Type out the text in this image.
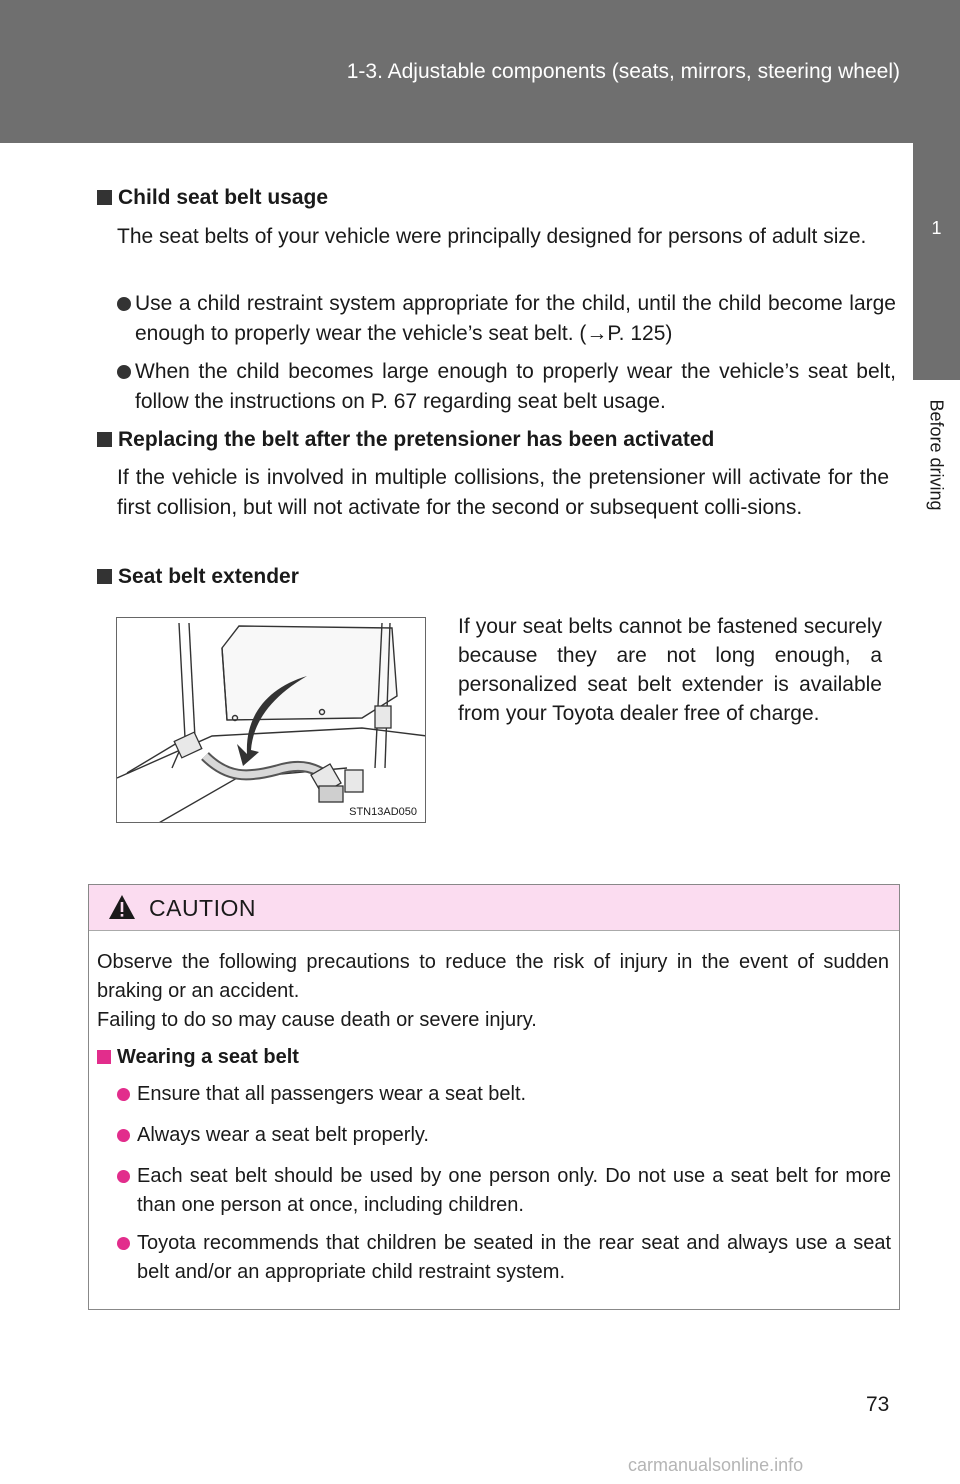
1-3. Adjustable components (seats, mirrors, steering wheel)
1
Before driving
Child seat belt usage
The seat belts of your vehicle were principally designed for persons of adult size.
Use a child restraint system appropriate for the child, until the child become large enough to properly wear the vehicle’s seat belt. (→P. 125)
When the child becomes large enough to properly wear the vehicle’s seat belt, follow the instructions on P. 67 regarding seat belt usage.
Replacing the belt after the pretensioner has been activated
If the vehicle is involved in multiple collisions, the pretensioner will activate for the first collision, but will not activate for the second or subsequent colli-sions.
Seat belt extender
STN13AD050
If your seat belts cannot be fastened securely because they are not long enough, a personalized seat belt extender is available from your Toyota dealer free of charge.
CAUTION
Observe the following precautions to reduce the risk of injury in the event of sudden braking or an accident.
Failing to do so may cause death or severe injury.
Wearing a seat belt
Ensure that all passengers wear a seat belt.
Always wear a seat belt properly.
Each seat belt should be used by one person only. Do not use a seat belt for more than one person at once, including children.
Toyota recommends that children be seated in the rear seat and always use a seat belt and/or an appropriate child restraint system.
73
carmanualsonline.info
